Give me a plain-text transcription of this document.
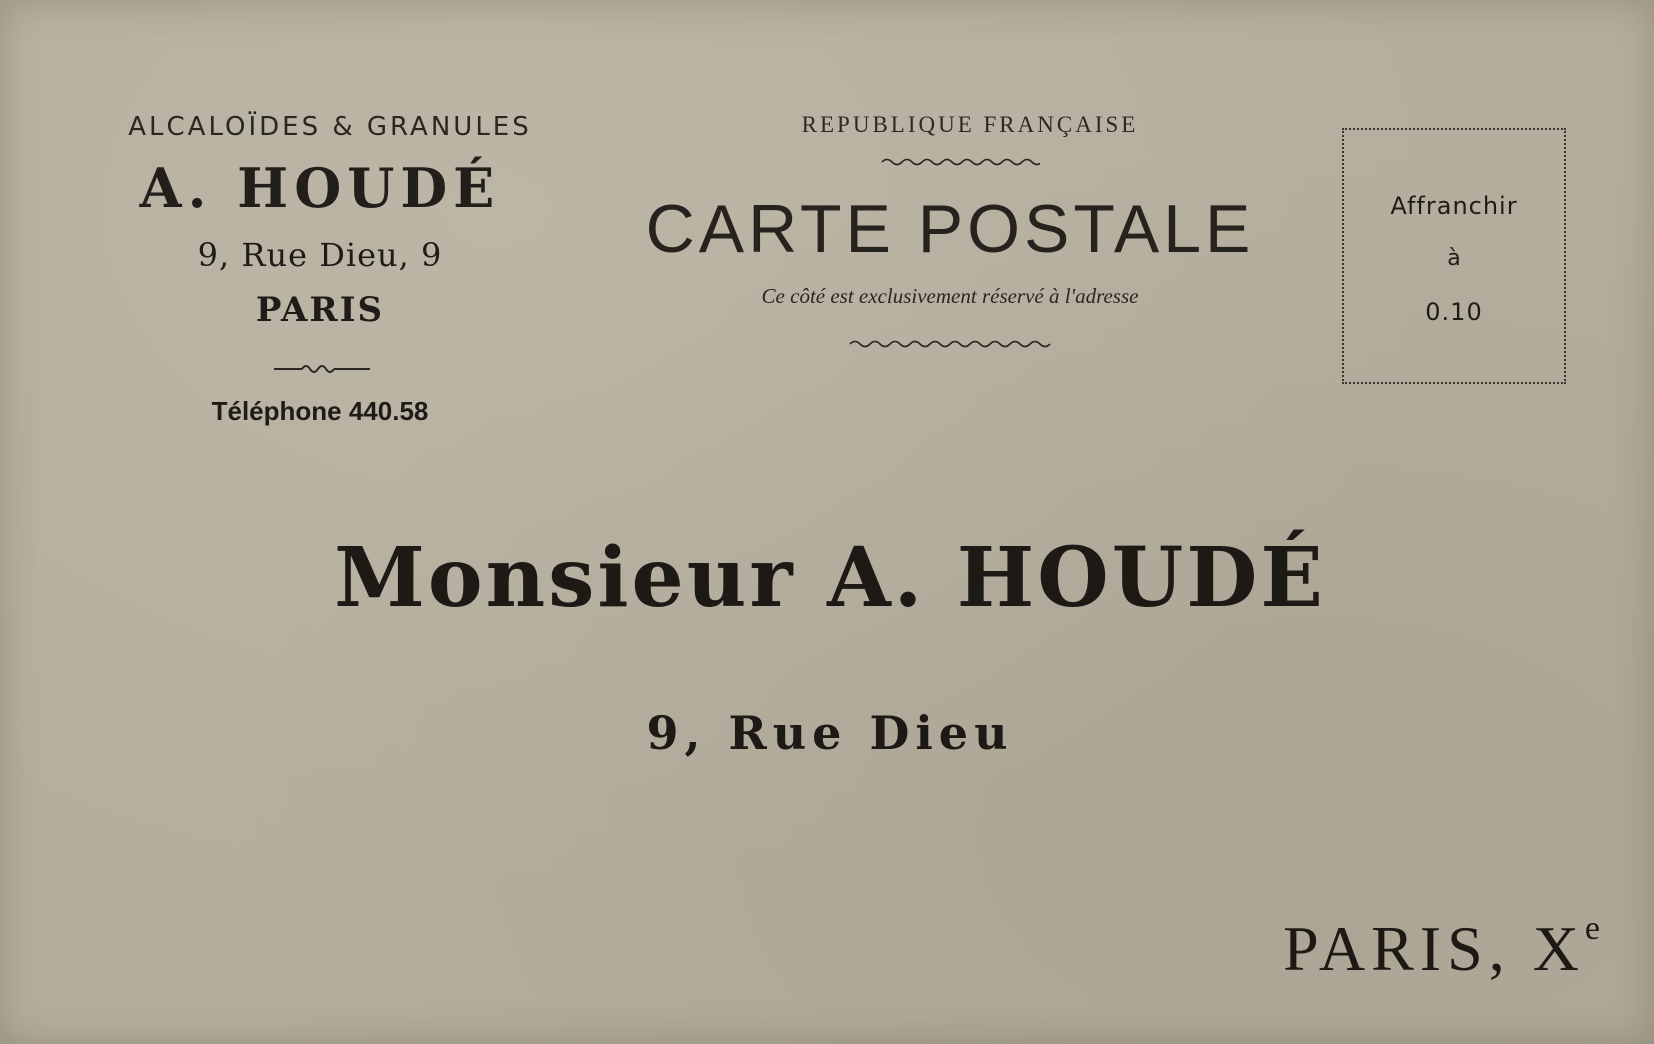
ALCALOÏDES & GRANULES
A. HOUDÉ
9, Rue Dieu, 9
PARIS
Téléphone 440.58
REPUBLIQUE FRANÇAISE
CARTE POSTALE
Ce côté est exclusivement réservé à l'adresse
Affranchir
à
0.10
Monsieur A. HOUDÉ
9, Rue Dieu
PARIS, Xe
